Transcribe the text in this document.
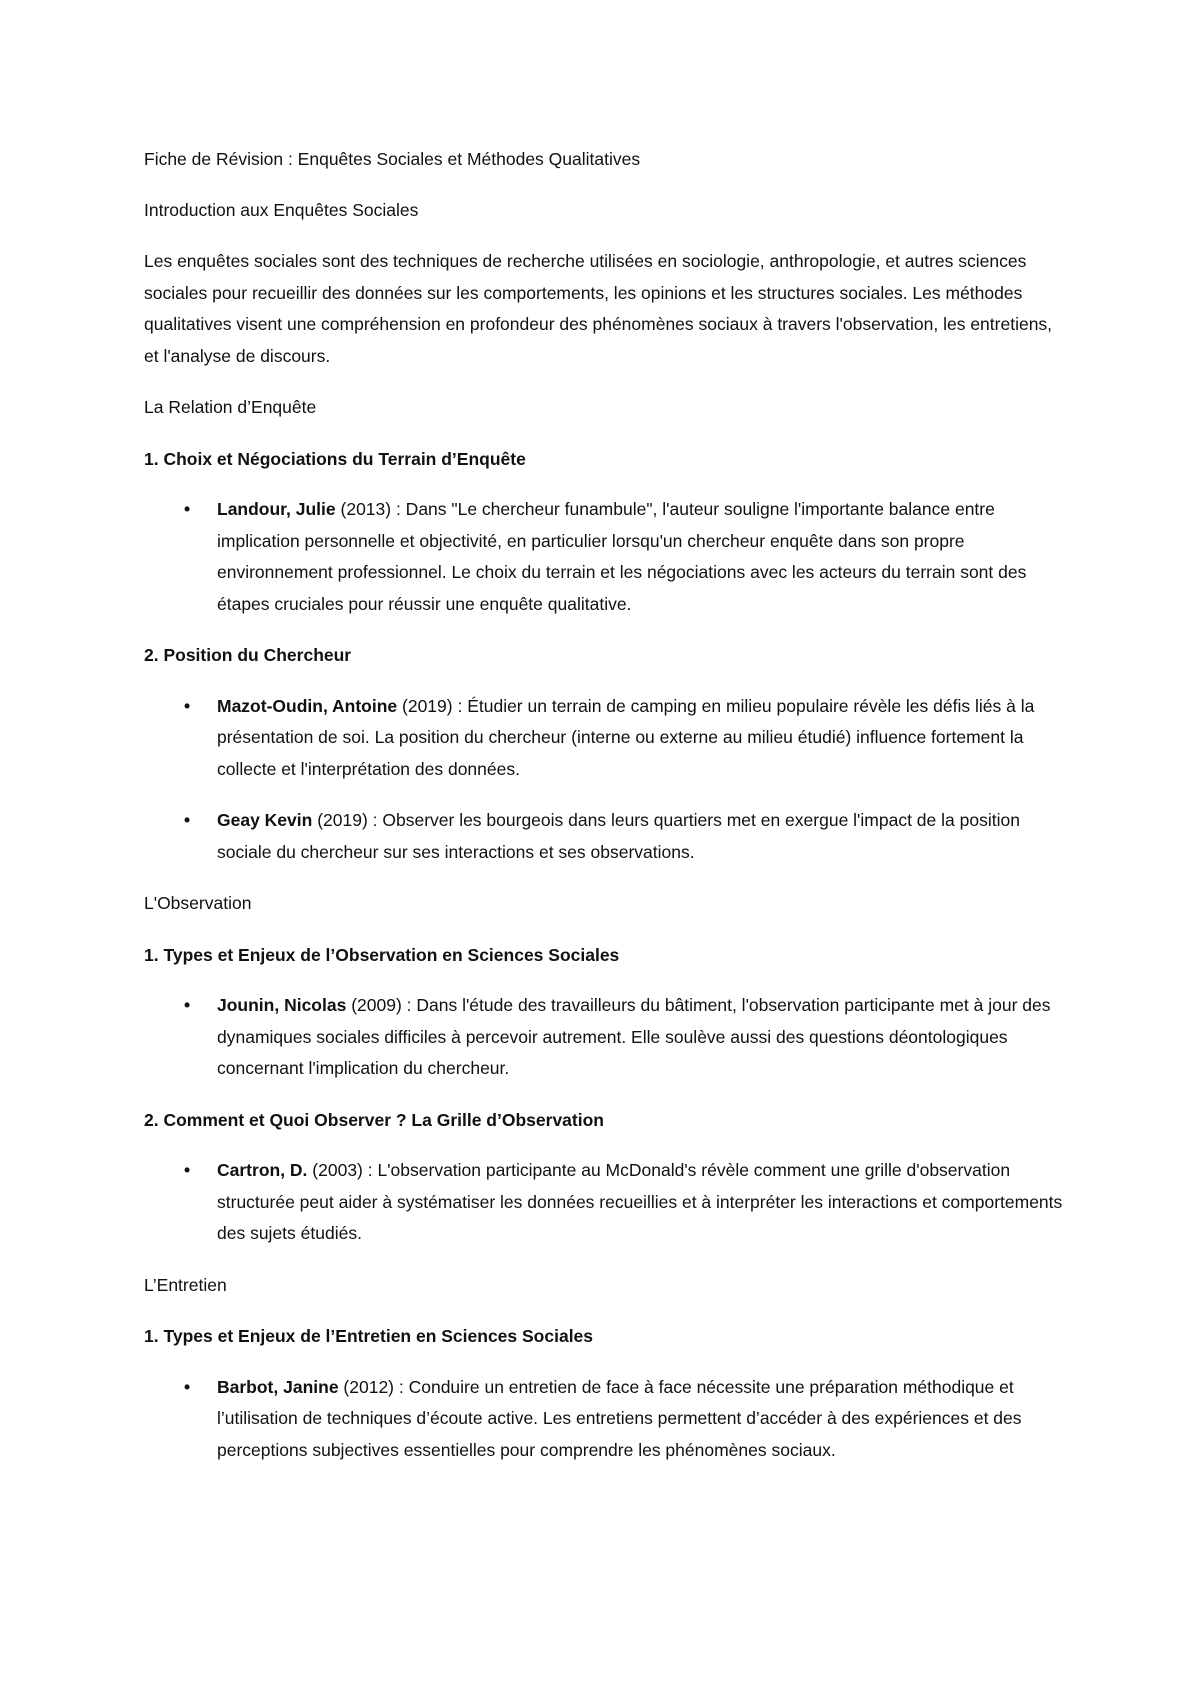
Fiche de Révision : Enquêtes Sociales et Méthodes Qualitatives

Introduction aux Enquêtes Sociales

Les enquêtes sociales sont des techniques de recherche utilisées en sociologie, anthropologie, et autres sciences sociales pour recueillir des données sur les comportements, les opinions et les structures sociales. Les méthodes qualitatives visent une compréhension en profondeur des phénomènes sociaux à travers l'observation, les entretiens, et l'analyse de discours.

La Relation d’Enquête

1. Choix et Négociations du Terrain d’Enquête

• Landour, Julie (2013) : Dans "Le chercheur funambule", l'auteur souligne l'importante balance entre implication personnelle et objectivité, en particulier lorsqu'un chercheur enquête dans son propre environnement professionnel. Le choix du terrain et les négociations avec les acteurs du terrain sont des étapes cruciales pour réussir une enquête qualitative.

2. Position du Chercheur

• Mazot-Oudin, Antoine (2019) : Étudier un terrain de camping en milieu populaire révèle les défis liés à la présentation de soi. La position du chercheur (interne ou externe au milieu étudié) influence fortement la collecte et l'interprétation des données.
• Geay Kevin (2019) : Observer les bourgeois dans leurs quartiers met en exergue l'impact de la position sociale du chercheur sur ses interactions et ses observations.

L'Observation

1. Types et Enjeux de l’Observation en Sciences Sociales

• Jounin, Nicolas (2009) : Dans l'étude des travailleurs du bâtiment, l'observation participante met à jour des dynamiques sociales difficiles à percevoir autrement. Elle soulève aussi des questions déontologiques concernant l'implication du chercheur.

2. Comment et Quoi Observer ? La Grille d’Observation

• Cartron, D. (2003) : L'observation participante au McDonald's révèle comment une grille d'observation structurée peut aider à systématiser les données recueillies et à interpréter les interactions et comportements des sujets étudiés.

L’Entretien

1. Types et Enjeux de l’Entretien en Sciences Sociales

• Barbot, Janine (2012) : Conduire un entretien de face à face nécessite une préparation méthodique et l’utilisation de techniques d’écoute active. Les entretiens permettent d’accéder à des expériences et des perceptions subjectives essentielles pour comprendre les phénomènes sociaux.
